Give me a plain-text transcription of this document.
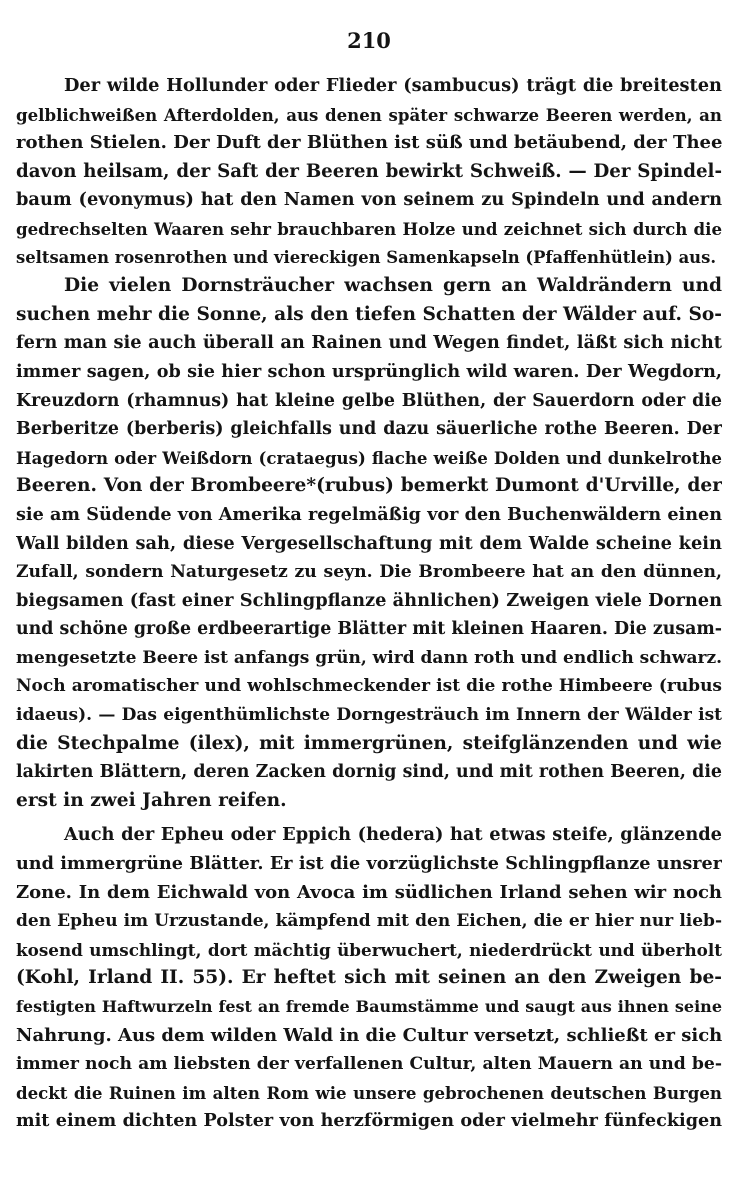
210
Der wilde Hollunder oder Flieder (sambucus) trägt die breitesten
gelblichweißen Afterdolden, aus denen später schwarze Beeren werden, an
rothen Stielen. Der Duft der Blüthen ist süß und betäubend, der Thee
davon heilsam, der Saft der Beeren bewirkt Schweiß. — Der Spindel-
baum (evonymus) hat den Namen von seinem zu Spindeln und andern
gedrechselten Waaren sehr brauchbaren Holze und zeichnet sich durch die
seltsamen rosenrothen und viereckigen Samenkapseln (Pfaffenhütlein) aus.
Die vielen Dornsträucher wachsen gern an Waldrändern und
suchen mehr die Sonne, als den tiefen Schatten der Wälder auf. So-
fern man sie auch überall an Rainen und Wegen findet, läßt sich nicht
immer sagen, ob sie hier schon ursprünglich wild waren. Der Wegdorn,
Kreuzdorn (rhamnus) hat kleine gelbe Blüthen, der Sauerdorn oder die
Berberitze (berberis) gleichfalls und dazu säuerliche rothe Beeren. Der
Hagedorn oder Weißdorn (crataegus) flache weiße Dolden und dunkelrothe
Beeren. Von der Brombeere*(rubus) bemerkt Dumont d'Urville, der
sie am Südende von Amerika regelmäßig vor den Buchenwäldern einen
Wall bilden sah, diese Vergesellschaftung mit dem Walde scheine kein
Zufall, sondern Naturgesetz zu seyn. Die Brombeere hat an den dünnen,
biegsamen (fast einer Schlingpflanze ähnlichen) Zweigen viele Dornen
und schöne große erdbeerartige Blätter mit kleinen Haaren. Die zusam-
mengesetzte Beere ist anfangs grün, wird dann roth und endlich schwarz.
Noch aromatischer und wohlschmeckender ist die rothe Himbeere (rubus
idaeus). — Das eigenthümlichste Dorngesträuch im Innern der Wälder ist
die Stechpalme (ilex), mit immergrünen, steifglänzenden und wie
lakirten Blättern, deren Zacken dornig sind, und mit rothen Beeren, die
erst in zwei Jahren reifen.
Auch der Epheu oder Eppich (hedera) hat etwas steife, glänzende
und immergrüne Blätter. Er ist die vorzüglichste Schlingpflanze unsrer
Zone. In dem Eichwald von Avoca im südlichen Irland sehen wir noch
den Epheu im Urzustande, kämpfend mit den Eichen, die er hier nur lieb-
kosend umschlingt, dort mächtig überwuchert, niederdrückt und überholt
(Kohl, Irland II. 55). Er heftet sich mit seinen an den Zweigen be-
festigten Haftwurzeln fest an fremde Baumstämme und saugt aus ihnen seine
Nahrung. Aus dem wilden Wald in die Cultur versetzt, schließt er sich
immer noch am liebsten der verfallenen Cultur, alten Mauern an und be-
deckt die Ruinen im alten Rom wie unsere gebrochenen deutschen Burgen
mit einem dichten Polster von herzförmigen oder vielmehr fünfeckigen
